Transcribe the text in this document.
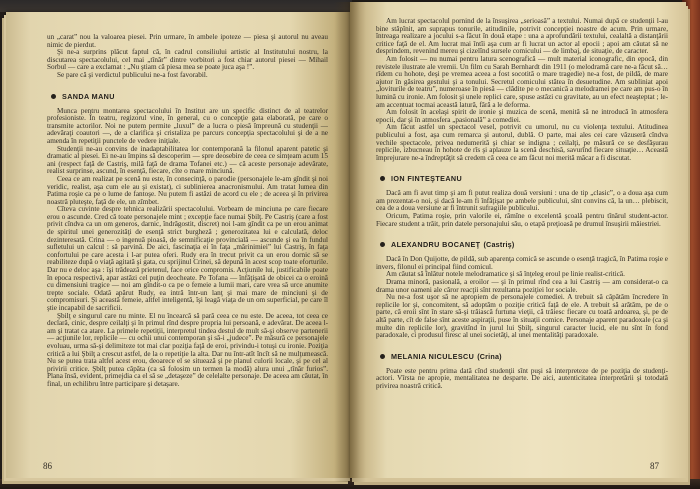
un „carat” nou la valoarea piesei. Prin urmare, în ambele ipoteze — piesa şi autorul nu aveau nimic de pierdut.

Şi ne-a surprins plăcut faptul că, în cadrul consiliului artistic al Institutului nostru, la discutarea spectacolului, cel mai „tînăr” dintre vorbitori a fost chiar autorul piesei — Mihail Sorbul — care a exclamat : „Nu ştiam că piesa mea se poate juca aşa !”.

Se pare că şi verdictul publicului ne-a fost favorabil.

SANDA MANU

Munca pentru montarea spectacolului în Institut are un specific distinct de al teatrelor profesioniste. În teatru, regizorul vine, în general, cu o concepţie gata elaborată, pe care o transmite actorilor. Noi ne putem permite „luxul” de a lucra o piesă împreună cu studenţii — adevăraţi coautori —, de a clarifica şi cristaliza pe parcurs concepţia spectacolului şi de a ne amenda în repetiţii punctele de vedere iniţiale.

Studenţii ne-au convins de inadaptabilitatea lor contemporană la filonul aparent patetic şi dramatic al piesei. Ei ne-au împins să descoperim — spre deosebire de ceea ce simţeam acum 15 ani (respect faţă de Castriş, milă faţă de drama Tofanei etc.) — că aceste personaje adevărate, realist surprinse, ascund, în esenţă, fiecare, cîte o mare minciună.

Ceea ce am realizat pe scenă nu este, în consecinţă, o parodie (personajele le-am gîndit şi noi veridic, realist, aşa cum ele au şi existat), ci sublinierea anacronismului. Am tratat lumea din Patima roşie ca pe o lume de fantoşe. Nu putem fi astăzi de acord cu ele ; de aceea şi în privirea noastră pluteşte, faţă de ele, un zîmbet.

Cîteva cuvinte despre tehnica realizării spectacolului. Vorbeam de minciuna pe care fiecare erou o ascunde. Cred că toate personajele mint ; excepţie face numai Şbilţ. Pe Castriş (care a fost privit cîndva ca un om generos, darnic, îndrăgostit, discret) noi l-am gîndit ca pe un erou animat de spiritul unei generozităţi de esenţă strict burgheză ; generozitatea lui e calculată, deloc dezinteresată. Crina — o ingenuă pioasă, de semnificaţie provincială — ascunde şi ea în fundul sufletului un calcul : să parvină. De aici, fascinaţia ei în faţa „mărinimiei” lui Castriş, în faţa confortului pe care acesta i l-ar putea oferi. Rudy era în trecut privit ca un erou dornic să se reabiliteze după o viaţă agitată şi gata, cu sprijinul Crinei, să depună în acest scop toate eforturile. Dar nu e deloc aşa : îşi trădează prietenul, face orice compromis. Acţiunile lui, justificabile poate în epoca respectivă, apar astăzi cel puţin deocheate. Pe Tofana — înfăţişată de obicei ca o eroină cu dimensiuni tragice — noi am gîndit-o ca pe o femeie a lumii mari, care vrea să urce anumite trepte sociale. Odată apărut Rudy, ea intră într-un lanţ şi mai mare de minciuni şi de compromisuri. Şi această femeie, altfel inteligentă, îşi leagă viaţa de un om superficial, pe care îl ştie incapabil de sacrificii.

Şbilţ e singurul care nu minte. El nu încearcă să pară ceea ce nu este. De aceea, tot ceea ce declară, cinic, despre ceilalţi şi în primul rînd despre propria lui persoană, e adevărat. De aceea l-am şi tratat ca atare. La primele repetiţii, interpretul tindea destul de mult să-şi observe partenerii — acţiunile lor, replicile — cu ochii unui contemporan şi să-i „judece”. Pe măsură ce personajele evoluau, urma să-şi delimiteze tot mai clar poziţia faţă de eroi, privindu-i totuşi cu ironie. Poziţia critică a lui Şbilţ a crescut astfel, de la o repetiţie la alta. Dar nu într-atît încît să ne mulţumească. Nu se putea trata altfel acest erou, deoarece el se situează şi pe planul culorii locale, şi pe cel al privirii critice. Şbilţ putea căpăta (ca să folosim un termen la modă) alura unui „tînăr furios”. Plana însă, evident, primejdia ca el să se „detaşeze” de celelalte personaje. De aceea am căutat, în final, un echilibru între participare şi detaşare.

86

Am lucrat spectacolul pornind de la însuşirea „serioasă” a textului. Numai după ce studenţii l-au bine stăpînit, am suprapus tonurile, atitudinile, potrivit concepţiei noastre de acum. Prin urmare, întreaga realizare a jocului s-a făcut în două etape : una a aprofundării textului, cealaltă a distanţării critice faţă de el. Am lucrat mai întîi aşa cum ar fi lucrat un actor al epocii ; apoi am căutat să ne desprindem, revenind mereu şi cizelînd sursele comicului — de limbaj, de situaţie, de caracter.

Am folosit — nu numai pentru latura scenografică — mult material iconografic, din epocă, din revistele ilustrate ale vremii. Un film cu Sarah Bernhardt din 1911 (o melodramă care ne-a făcut să… rîdem cu hohote, deşi pe vremea aceea a fost socotită o mare tragedie) ne-a fost, de pildă, de mare ajutor în găsirea gestului şi a tonului. Secretul comicului stătea în desuetudine. Am subliniat apoi „loviturile de teatru”, numeroase în piesă — clădite pe o mecanică a melodramei pe care am pus-o în lumină cu ironie. Am folosit şi unele replici care, spuse astăzi cu gravitate, au un efect neaşteptat ; le-am accentuat tocmai această latură, fără a le deforma.

Am folosit în acelaşi spirit de ironie şi muzica de scenă, menită să ne introducă în atmosfera epocii, dar şi în atmosfera „pasională” a comediei.

Am făcut astfel un spectacol vesel, potrivit cu umorul, nu cu violenţa textului. Atitudinea publicului a fost, aşa cum remarca şi autorul, dublă. O parte, mai ales cei care văzuseră cîndva vechile spectacole, privea nedumerită şi chiar se indigna ; ceilalţi, pe măsură ce se desfăşurau replicile, izbucneau în hohote de rîs şi aplauze la scenă deschisă, savurînd fiecare situaţie… Această împrejurare ne-a îndreptăţit să credem că ceea ce am făcut noi merită măcar a fi discutat.

ION FINTEŞTEANU

Dacă am fi avut timp şi am fi putut realiza două versiuni : una de tip „clasic”, o a doua aşa cum am prezentat-o noi, şi dacă le-am fi înfăţişat pe ambele publicului, sînt convins că, la un… plebiscit, cea de a doua versiune ar fi întrunit sufragiile publicului.

Oricum, Patima roşie, prin valorile ei, rămîne o excelentă şcoală pentru tînărul student-actor. Fiecare student a trăit, prin datele personajului său, o etapă preţioasă pe drumul însuşirii măiestriei.

ALEXANDRU BOCANEŢ (Castriş)

Dacă în Don Quijotte, de pildă, sub aparenţa comică se ascunde o esenţă tragică, în Patima roşie e invers, filonul ei principal fiind comicul.

Am căutat să înlătur notele melodramatice şi să înţeleg eroul pe linie realist-critică.

Drama minoră, pasională, a eroilor — şi în primul rînd cea a lui Castriş — am considerat-o ca drama unor oameni ale căror reacţii sînt rezultanta poziţiei lor sociale.

Nu ne-a fost uşor să ne apropiem de personajele comediei. A trebuit să căpătăm încredere în replicile lor şi, concomitent, să adoptăm o poziţie critică faţă de ele. A trebuit să arătăm, pe de o parte, că eroii sînt în stare să-şi trăiască furtuna vieţii, că trăiesc fiecare cu toată ardoarea, şi, pe de altă parte, cît de false sînt aceste aspiraţii, puse în situaţii comice. Personaje aparent paradoxale (ca şi multe din replicile lor), gravitînd în jurul lui Şbilţ, singurul caracter lucid, ele nu sînt în fond paradoxale, ci produsul firesc al unei societăţi, al unei mentalităţi paradoxale.

MELANIA NICULESCU (Crina)

Poate este pentru prima dată cînd studenţii sînt puşi să interpreteze de pe poziţia de studenţi-actori. Vîrsta ne apropie, mentalitatea ne desparte. De aici, autenticitatea interpretării şi totodată privirea noastră critică.

87
